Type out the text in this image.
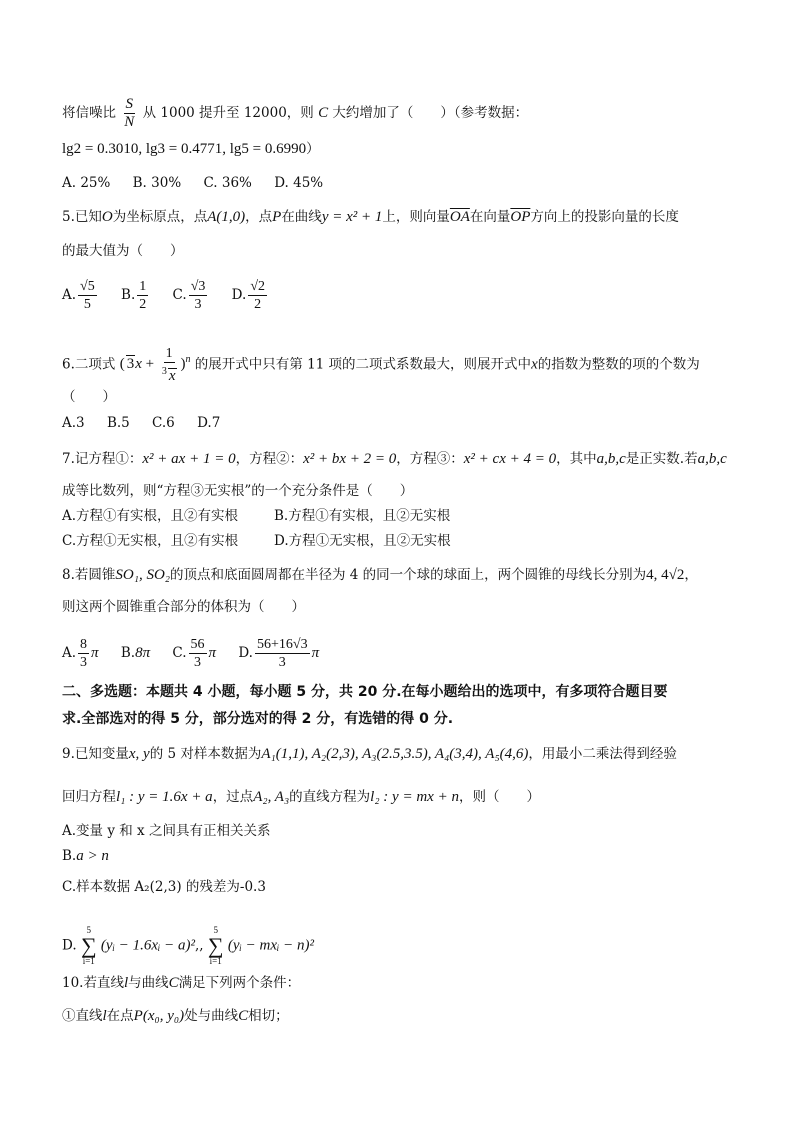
将信噪比 $\frac{S}{N}$ 从 1000 提升至 12000，则 C 大约增加了（　　）（参考数据：
lg2 = 0.3010, lg3 = 0.4771, lg5 = 0.6990）
A. 25% B. 30% C. 36% D. 45%
5.已知O为坐标原点，点A(1,0)，点P在曲线y = x² + 1上，则向量$\overline{OA}$在向量$\overline{OP}$方向上的投影向量的长度
的最大值为（　　）
A. $\frac{√5}{5} B$. $\frac{1}{2} C$. $\frac{√3}{3} D$. $\frac{√2}{2}$
6.二项式 ( $3x + \frac{1}{^3 x} )^n$ 的展开式中只有第 11 项的二项式系数最大，则展开式中x的指数为整数的项的个数为
（　　）
A.3 B.5 C.6 D.7
7.记方程①：x² + ax + 1 = 0，方程②：x² + bx + 2 = 0，方程③：x² + cx + 4 = 0，其中a,b,c是正实数.若a,b,c
成等比数列，则“方程③无实根”的一个充分条件是（　　）
A.方程①有实根，且②有实根	B.方程①有实根，且②无实根
C.方程①无实根，且②有实根	D.方程①无实根，且②无实根
8.若圆锥SO₁, SO₂的顶点和底面圆周都在半径为 4 的同一个球的球面上，两个圆锥的母线长分别为4, 4√2，
则这两个圆锥重合部分的体积为（　　）
A. $\frac{8}{3}$ π B.8π C. $\frac{56}{3}$ π D. $\frac{56+16√3}{3}$ π
二、多选题：本题共 4 小题，每小题 5 分，共 20 分.在每小题给出的选项中，有多项符合题目要
求.全部选对的得 5 分，部分选对的得 2 分，有选错的得 0 分.
9.已知变量x, y的 5 对样本数据为A₁(1,1), A₂(2,3), A₃(2.5,3.5), A₄(3,4), A₅(4,6)，用最小二乘法得到经验
回归方程l₁ : y = 1.6x + a，过点A₂, A₃的直线方程为l₂ : y = mx + n，则（　　）
A.变量 y 和 x 之间具有正相关关系
B.a > n
C.样本数据 A₂(2,3) 的残差为-0.3
D.
5
∑
i=1
(yᵢ − 1.6xᵢ − a)²,,
5
∑
i=1
(yᵢ − mxᵢ − n)²
10.若直线l与曲线C满足下列两个条件：
①直线l在点P(x₀, y₀)处与曲线C相切；
